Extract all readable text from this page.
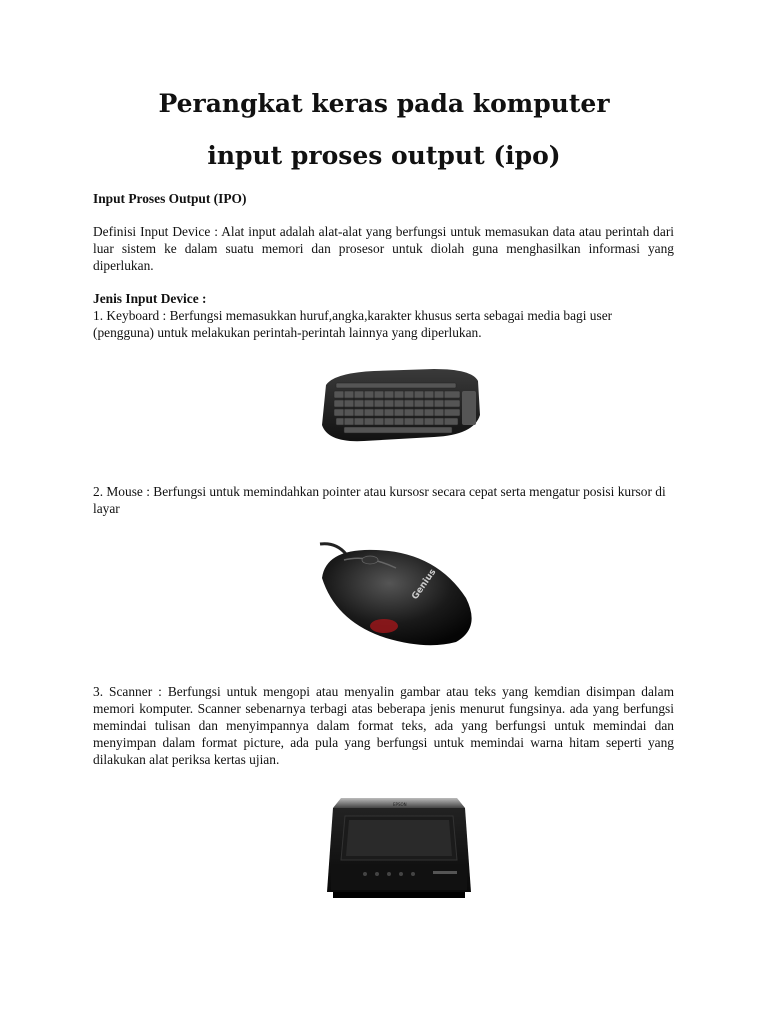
Perangkat keras pada komputer
input proses output (ipo)

Input Proses Output (IPO)

Definisi Input Device : Alat input adalah alat-alat yang berfungsi untuk memasukan data atau perintah dari luar sistem ke dalam suatu memori dan prosesor untuk diolah guna menghasilkan informasi yang diperlukan.

Jenis Input Device :

1. Keyboard : Berfungsi memasukkan huruf,angka,karakter khusus serta sebagai media bagi user (pengguna) untuk melakukan perintah-perintah lainnya yang diperlukan.

2. Mouse : Berfungsi untuk memindahkan pointer atau kursosr secara cepat serta mengatur posisi kursor di layar

Genius

3. Scanner : Berfungsi untuk mengopi atau menyalin gambar atau teks yang kemdian disimpan dalam memori komputer. Scanner sebenarnya terbagi atas beberapa jenis menurut fungsinya. ada yang berfungsi memindai tulisan dan menyimpannya dalam format teks, ada yang berfungsi untuk memindai dan menyimpan dalam format picture, ada pula yang berfungsi untuk memindai warna hitam seperti yang dilakukan alat periksa kertas ujian.

EPSON
